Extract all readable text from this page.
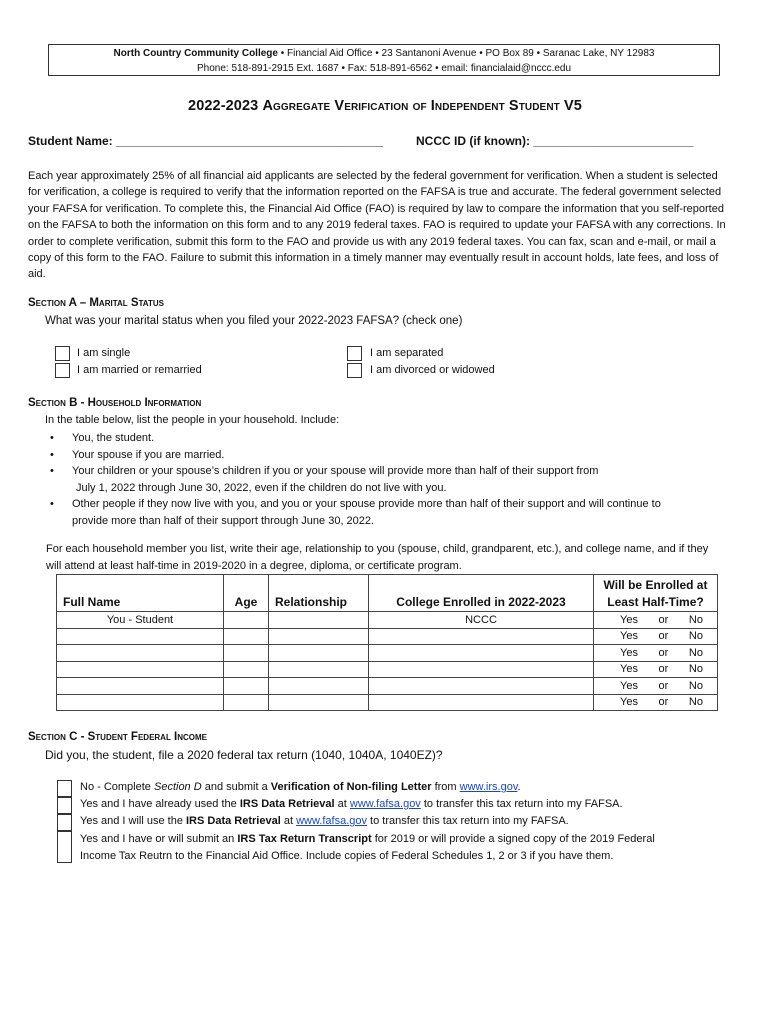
North Country Community College • Financial Aid Office • 23 Santanoni Avenue • PO Box 89 • Saranac Lake, NY 12983
Phone: 518-891-2915 Ext. 1687 • Fax: 518-891-6562 • email: financialaid@nccc.edu
2022-2023 Aggregate Verification of Independent Student V5
Student Name: ________________________________________	NCCC ID (if known): ________________________
Each year approximately 25% of all financial aid applicants are selected by the federal government for verification. When a student is selected for verification, a college is required to verify that the information reported on the FAFSA is true and accurate. The federal government selected your FAFSA for verification. To complete this, the Financial Aid Office (FAO) is required by law to compare the information that you self-reported on the FAFSA to both the information on this form and to any 2019 federal taxes. FAO is required to update your FAFSA with any corrections. In order to complete verification, submit this form to the FAO and provide us with any 2019 federal taxes. You can fax, scan and e-mail, or mail a copy of this form to the FAO. Failure to submit this information in a timely manner may eventually result in account holds, late fees, and loss of aid.
Section A – Marital Status
What was your marital status when you filed your 2022-2023 FAFSA? (check one)
I am single
I am married or remarried
I am separated
I am divorced or widowed
Section B - Household Information
In the table below, list the people in your household. Include:
• You, the student.
• Your spouse if you are married.
• Your children or your spouse’s children if you or your spouse will provide more than half of their support from
July 1, 2022 through June 30, 2022, even if the children do not live with you.
• Other people if they now live with you, and you or your spouse provide more than half of their support and will continue to
provide more than half of their support through June 30, 2022.
For each household member you list, write their age, relationship to you (spouse, child, grandparent, etc.), and college name, and if they will attend at least half-time in 2019-2020 in a degree, diploma, or certificate program.
Full Name	Age	Relationship	College Enrolled in 2022-2023	Will be Enrolled at
Least Half-Time?
You - Student			NCCC	Yes or No

				Yes or No

				Yes or No

				Yes or No

				Yes or No

				Yes or No
Section C - Student Federal Income
Did you, the student, file a 2020 federal tax return (1040, 1040A, 1040EZ)?
No - Complete Section D and submit a Verification of Non-filing Letter from www.irs.gov.
Yes and I have already used the IRS Data Retrieval at www.fafsa.gov to transfer this tax return into my FAFSA.
Yes and I will use the IRS Data Retrieval at www.fafsa.gov to transfer this tax return into my FAFSA.
Yes and I have or will submit an IRS Tax Return Transcript for 2019 or will provide a signed copy of the 2019 Federal
Income Tax Reutrn to the Financial Aid Office. Include copies of Federal Schedules 1, 2 or 3 if you have them.
